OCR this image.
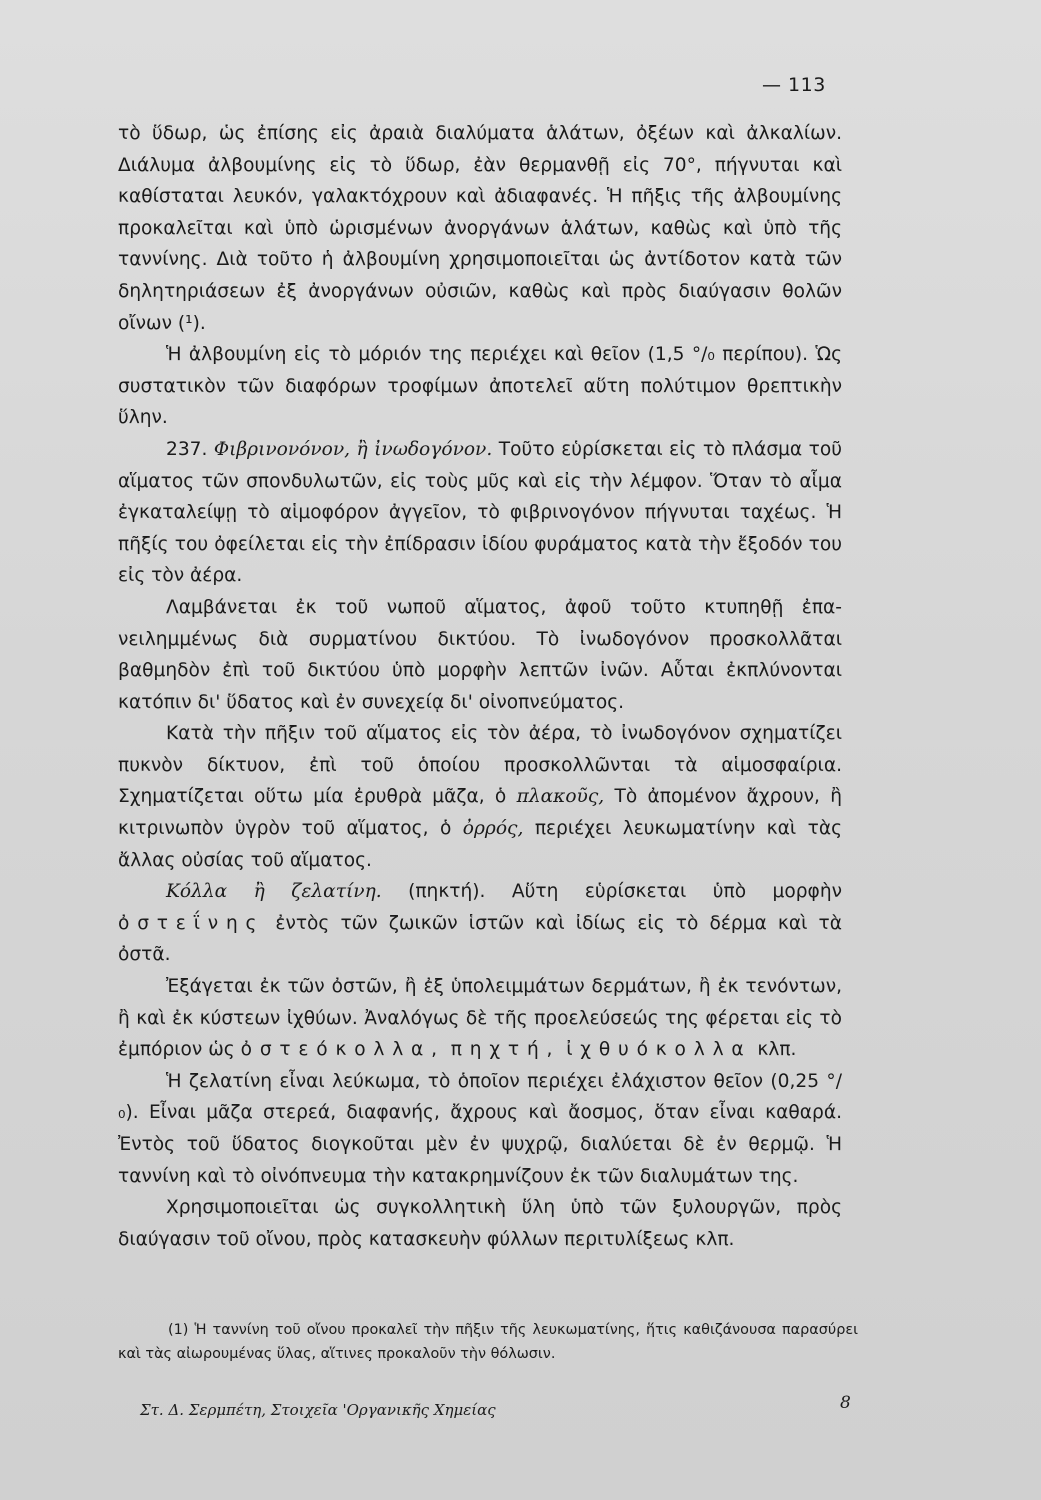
— 113

τὸ ὕδωρ, ὡς ἐπίσης εἰς ἀραιὰ διαλύματα ἁλάτων, ὀξέων καὶ ἀλκαλίων. Διάλυμα ἀλβουμίνης εἰς τὸ ὕδωρ, ἐὰν θερμανθῇ εἰς 70°, πήγνυται καὶ καθίσταται λευκόν, γαλακτόχρουν καὶ ἀδιαφανές. Ἡ πῆξις τῆς ἀλβουμίνης προκαλεῖται καὶ ὑπὸ ὡρισμένων ἀνοργάνων ἁλάτων, καθὼς καὶ ὑπὸ τῆς ταννίνης. Διὰ τοῦτο ἡ ἀλβουμίνη χρησιμοποιεῖται ὡς ἀντίδοτον κατὰ τῶν δηλητηριάσεων ἐξ ἀνοργάνων οὐσιῶν, καθὼς καὶ πρὸς διαύγασιν θολῶν οἴνων (¹).

Ἡ ἀλβουμίνη εἰς τὸ μόριόν της περιέχει καὶ θεῖον (1,5 °/₀ περίπου). Ὡς συστατικὸν τῶν διαφόρων τροφίμων ἀποτελεῖ αὕτη πολύτιμον θρεπτικὴν ὕλην.

237. Φιβρινονόνον, ἢ ἰνωδογόνον. Τοῦτο εὑρίσκεται εἰς τὸ πλάσμα τοῦ αἵματος τῶν σπονδυλωτῶν, εἰς τοὺς μῦς καὶ εἰς τὴν λέμφον. Ὅταν τὸ αἷμα ἐγκαταλείψῃ τὸ αἱμοφόρον ἀγγεῖον, τὸ φιβρινογόνον πήγνυται ταχέως. Ἡ πῆξίς του ὀφείλεται εἰς τὴν ἐπίδρασιν ἰδίου φυράματος κατὰ τὴν ἔξοδόν του εἰς τὸν ἀέρα.

Λαμβάνεται ἐκ τοῦ νωποῦ αἵματος, ἀφοῦ τοῦτο κτυπηθῇ ἐπανειλημμένως διὰ συρματίνου δικτύου. Τὸ ἰνωδογόνον προσκολλᾶται βαθμηδὸν ἐπὶ τοῦ δικτύου ὑπὸ μορφὴν λεπτῶν ἰνῶν. Αὗται ἐκπλύνονται κατόπιν δι' ὕδατος καὶ ἐν συνεχείᾳ δι' οἰνοπνεύματος.

Κατὰ τὴν πῆξιν τοῦ αἵματος εἰς τὸν ἀέρα, τὸ ἰνωδογόνον σχηματίζει πυκνὸν δίκτυον, ἐπὶ τοῦ ὁποίου προσκολλῶνται τὰ αἱμοσφαίρια. Σχηματίζεται οὕτω μία ἐρυθρὰ μᾶζα, ὁ πλακοῦς, Τὸ ἀπομένον ἄχρουν, ἢ κιτρινωπὸν ὑγρὸν τοῦ αἵματος, ὁ ὀρρός, περιέχει λευκωματίνην καὶ τὰς ἄλλας οὐσίας τοῦ αἵματος.

Κόλλα ἢ ζελατίνη. (πηκτή). Αὕτη εὑρίσκεται ὑπὸ μορφὴν ὀστεΐνης ἐντὸς τῶν ζωικῶν ἱστῶν καὶ ἰδίως εἰς τὸ δέρμα καὶ τὰ ὀστᾶ.

Ἐξάγεται ἐκ τῶν ὀστῶν, ἢ ἐξ ὑπολειμμάτων δερμάτων, ἢ ἐκ τενόντων, ἢ καὶ ἐκ κύστεων ἰχθύων. Ἀναλόγως δὲ τῆς προελεύσεώς της φέρεται εἰς τὸ ἐμπόριον ὡς ὀστεόκολλα, πηχτή, ἰχθυόκολλα κλπ.

Ἡ ζελατίνη εἶναι λεύκωμα, τὸ ὁποῖον περιέχει ἐλάχιστον θεῖον (0,25 °/₀). Εἶναι μᾶζα στερεά, διαφανής, ἄχρους καὶ ἄοσμος, ὅταν εἶναι καθαρά. Ἐντὸς τοῦ ὕδατος διογκοῦται μὲν ἐν ψυχρῷ, διαλύεται δὲ ἐν θερμῷ. Ἡ ταννίνη καὶ τὸ οἰνόπνευμα τὴν κατακρημνίζουν ἐκ τῶν διαλυμάτων της.

Χρησιμοποιεῖται ὡς συγκολλητικὴ ὕλη ὑπὸ τῶν ξυλουργῶν, πρὸς διαύγασιν τοῦ οἴνου, πρὸς κατασκευὴν φύλλων περιτυλίξεως κλπ.

(1) Ἡ ταννίνη τοῦ οἴνου προκαλεῖ τὴν πῆξιν τῆς λευκωματίνης, ἥτις καθιζάνουσα παρασύρει καὶ τὰς αἰωρουμένας ὕλας, αἵτινες προκαλοῦν τὴν θόλωσιν.
Στ. Δ. Σερμπέτη, Στοιχεῖα 'Οργανικῆς Χημείας	8
